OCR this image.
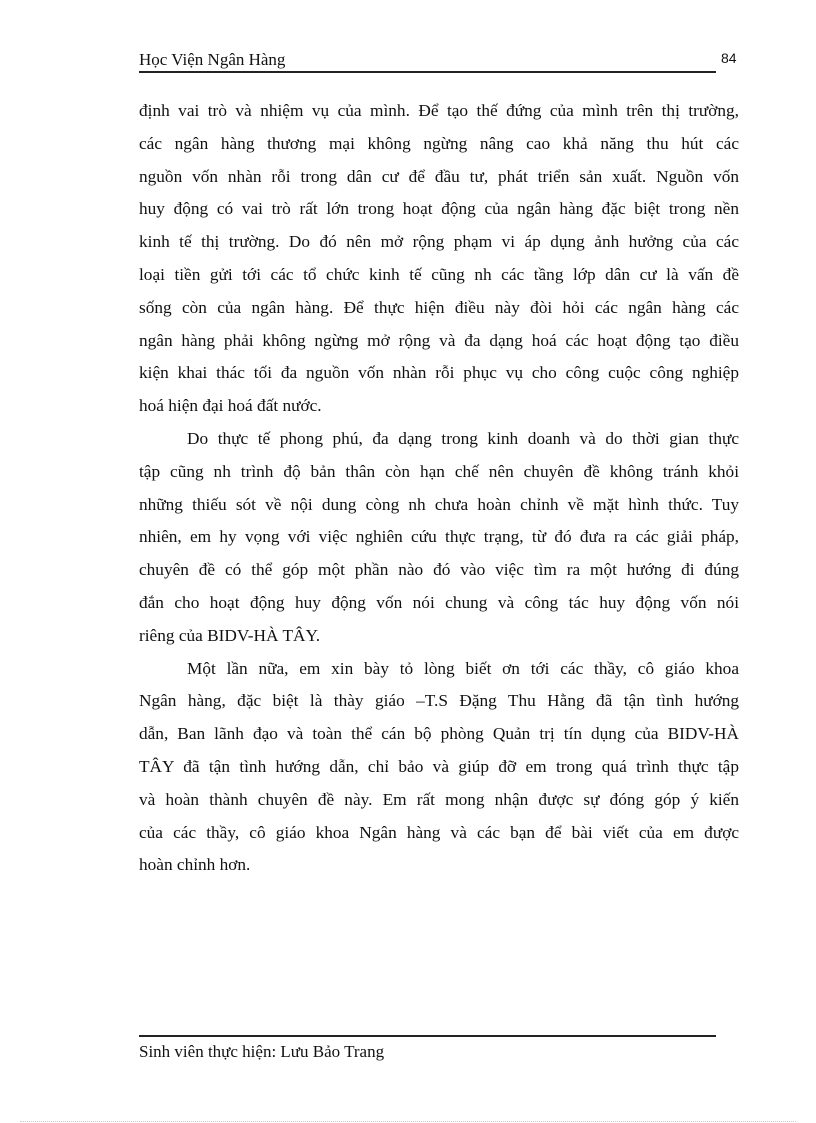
Học Viện Ngân Hàng	84
định vai trò và nhiệm vụ của mình. Để tạo thế đứng của mình trên thị trường,
các ngân hàng thương mại không ngừng nâng cao khả năng thu hút các
nguồn vốn nhàn rỗi trong dân cư để đầu tư, phát triển sản xuất. Nguồn vốn
huy động có vai trò rất lớn trong hoạt động của ngân hàng đặc biệt trong nền
kinh tế thị trường. Do đó nên mở rộng phạm vi áp dụng ảnh hưởng của các
loại tiền gửi tới các tổ chức kinh tế cũng nh các tầng lớp dân cư là vấn đề
sống còn của ngân hàng. Để thực hiện điều này đòi hỏi các ngân hàng các
ngân hàng phải không ngừng mở rộng và đa dạng hoá các hoạt động tạo điều
kiện khai thác tối đa nguồn vốn nhàn rỗi phục vụ cho công cuộc công nghiệp
hoá hiện đại hoá đất nước.
Do thực tế phong phú, đa dạng trong kinh doanh và do thời gian thực
tập cũng nh trình độ bản thân còn hạn chế nên chuyên đề không tránh khỏi
những thiếu sót về nội dung còng nh chưa hoàn chỉnh về mặt hình thức. Tuy
nhiên, em hy vọng với việc nghiên cứu thực trạng, từ đó đưa ra các giải pháp,
chuyên đề có thể góp một phần nào đó vào việc tìm ra một hướng đi đúng
đắn cho hoạt động huy động vốn nói chung và công tác huy động vốn nói
riêng của BIDV-HÀ TÂY.
Một lần nữa, em xin bày tỏ lòng biết ơn tới các thầy, cô giáo khoa
Ngân hàng, đặc biệt là thày giáo –T.S Đặng Thu Hằng đã tận tình hướng
dẫn, Ban lãnh đạo và toàn thể cán bộ phòng Quản trị tín dụng của BIDV-HÀ
TÂY đã tận tình hướng dẫn, chỉ bảo và giúp đỡ em trong quá trình thực tập
và hoàn thành chuyên đề này. Em rất mong nhận được sự đóng góp ý kiến
của các thầy, cô giáo khoa Ngân hàng và các bạn để bài viết của em được
hoàn chỉnh hơn.
Sinh viên thực hiện: Lưu Bảo Trang
